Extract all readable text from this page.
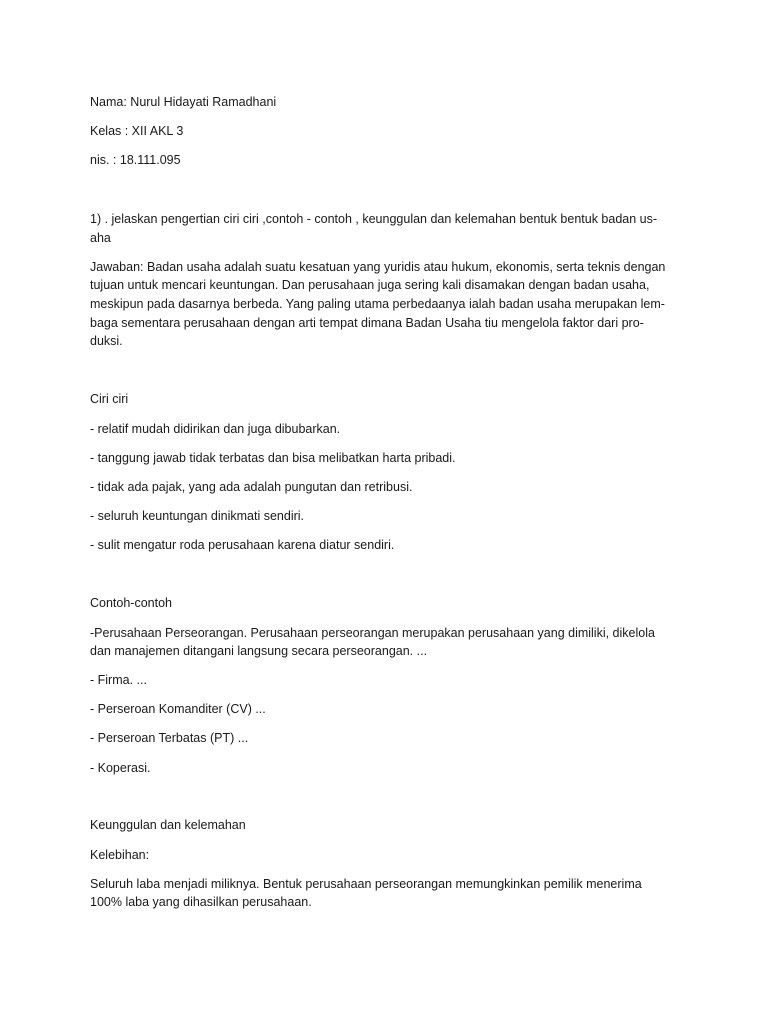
Nama: Nurul Hidayati Ramadhani
Kelas : XII AKL 3
nis. : 18.111.095
1) . jelaskan pengertian ciri ciri ,contoh - contoh , keunggulan dan kelemahan bentuk bentuk badan us-
aha
Jawaban: Badan usaha adalah suatu kesatuan yang yuridis atau hukum, ekonomis, serta teknis dengan
tujuan untuk mencari keuntungan. Dan perusahaan juga sering kali disamakan dengan badan usaha,
meskipun pada dasarnya berbeda. Yang paling utama perbedaanya ialah badan usaha merupakan lem-
baga sementara perusahaan dengan arti tempat dimana Badan Usaha tiu mengelola faktor dari pro-
duksi.
Ciri ciri
- relatif mudah didirikan dan juga dibubarkan.
- tanggung jawab tidak terbatas dan bisa melibatkan harta pribadi.
- tidak ada pajak, yang ada adalah pungutan dan retribusi.
- seluruh keuntungan dinikmati sendiri.
- sulit mengatur roda perusahaan karena diatur sendiri.
Contoh-contoh
-Perusahaan Perseorangan. Perusahaan perseorangan merupakan perusahaan yang dimiliki, dikelola
dan manajemen ditangani langsung secara perseorangan. ...
- Firma. ...
- Perseroan Komanditer (CV) ...
- Perseroan Terbatas (PT) ...
- Koperasi.
Keunggulan dan kelemahan
Kelebihan:
Seluruh laba menjadi miliknya. Bentuk perusahaan perseorangan memungkinkan pemilik menerima
100% laba yang dihasilkan perusahaan.
